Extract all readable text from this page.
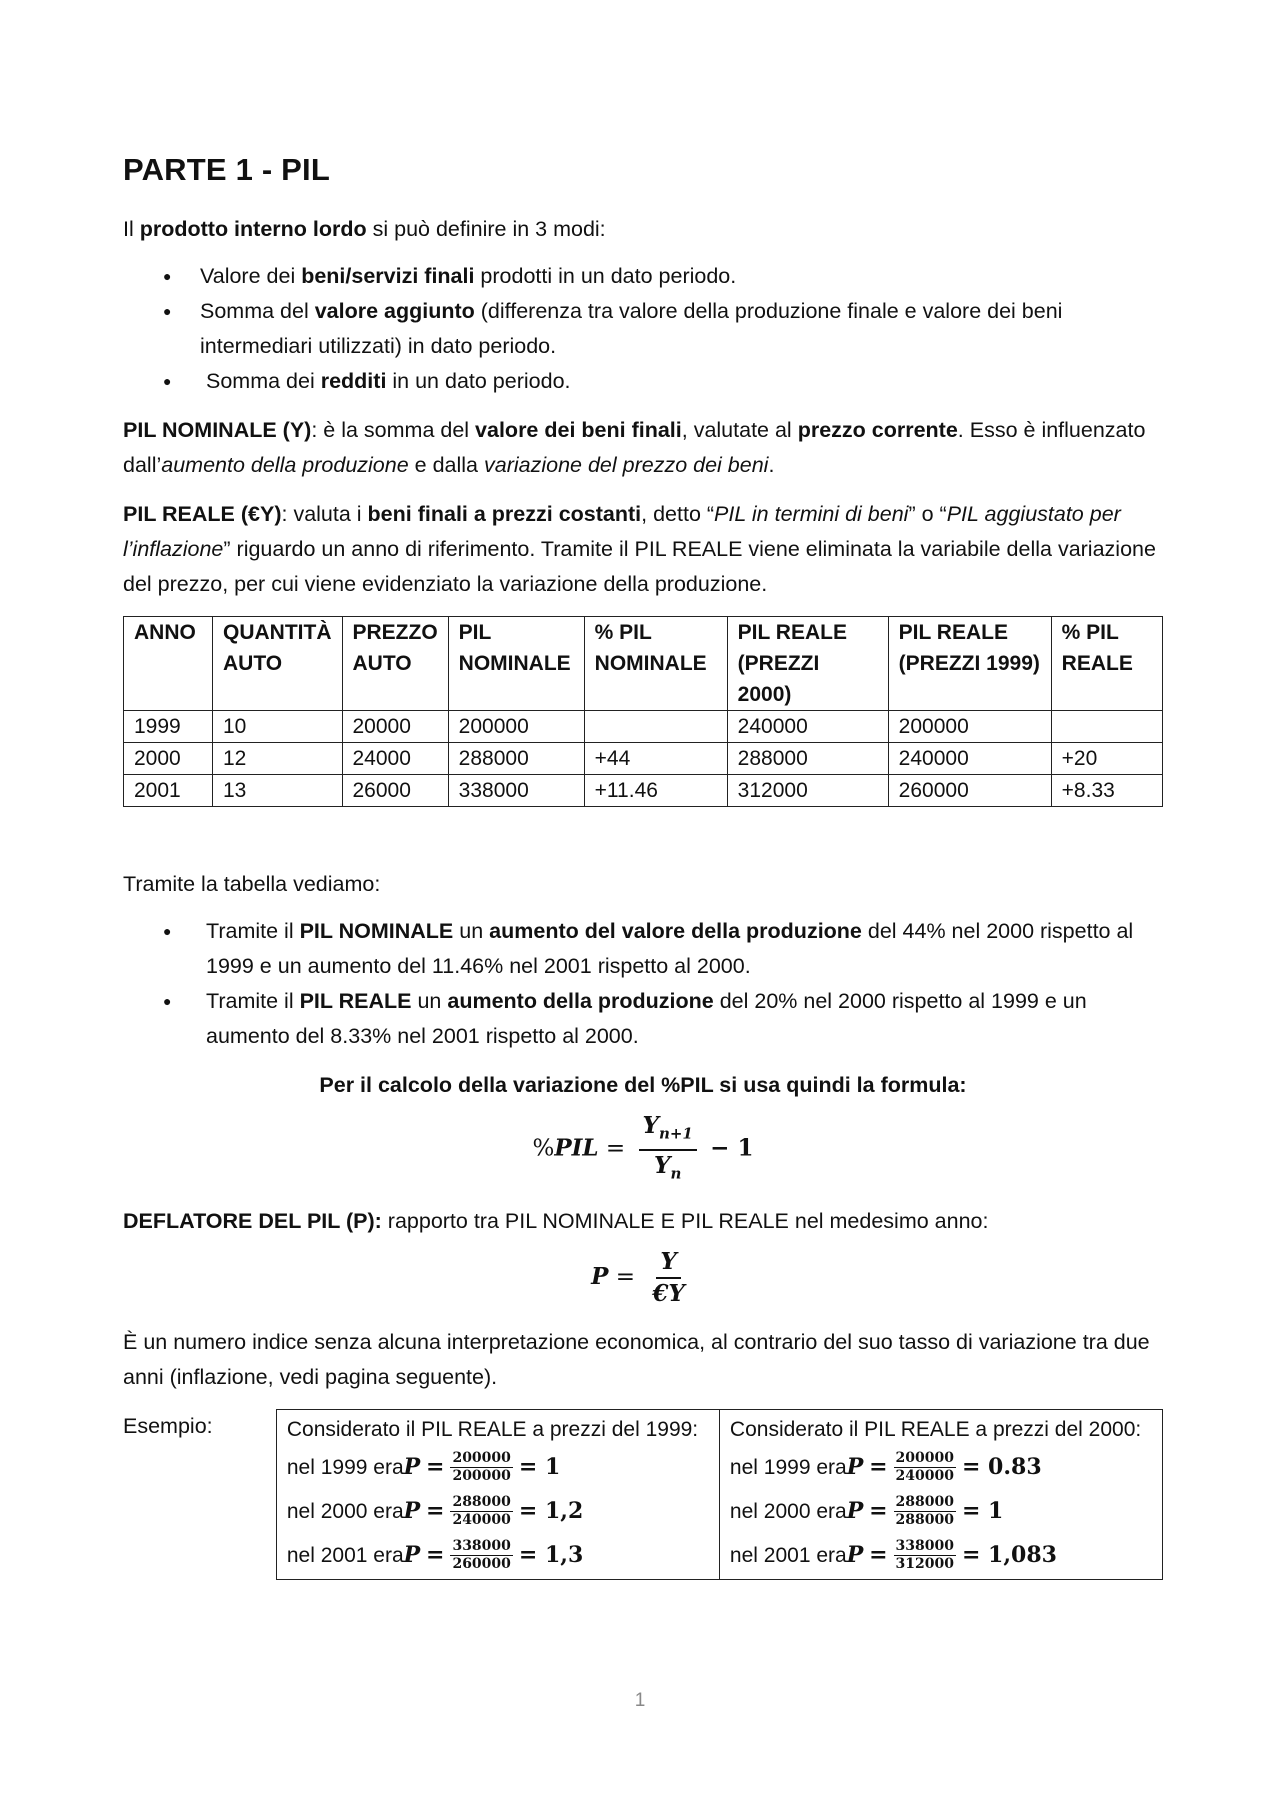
PARTE 1 - PIL

Il prodotto interno lordo si può definire in 3 modi:

● Valore dei beni/servizi finali prodotti in un dato periodo.
● Somma del valore aggiunto (differenza tra valore della produzione finale e valore dei beni intermediari utilizzati) in dato periodo.
● Somma dei redditi in un dato periodo.

PIL NOMINALE (Y): è la somma del valore dei beni finali, valutate al prezzo corrente. Esso è influenzato dall’aumento della produzione e dalla variazione del prezzo dei beni.

PIL REALE (€Y): valuta i beni finali a prezzi costanti, detto “PIL in termini di beni” o “PIL aggiustato per l’inflazione” riguardo un anno di riferimento. Tramite il PIL REALE viene eliminata la variabile della variazione del prezzo, per cui viene evidenziato la variazione della produzione.

ANNO	QUANTITÀ AUTO	PREZZO AUTO	PIL NOMINALE	% PIL NOMINALE	PIL REALE (PREZZI 2000)	PIL REALE (PREZZI 1999)	% PIL REALE
1999	10	20000	200000		240000	200000	
2000	12	24000	288000	+44	288000	240000	+20
2001	13	26000	338000	+11.46	312000	260000	+8.33

Tramite la tabella vediamo:

● Tramite il PIL NOMINALE un aumento del valore della produzione del 44% nel 2000 rispetto al 1999 e un aumento del 11.46% nel 2001 rispetto al 2000.
● Tramite il PIL REALE un aumento della produzione del 20% nel 2000 rispetto al 1999 e un aumento del 8.33% nel 2001 rispetto al 2000.

Per il calcolo della variazione del %PIL si usa quindi la formula:

$\%PIL = \frac{Y_{n+1}}{Y_n} - 1$

DEFLATORE DEL PIL (P): rapporto tra PIL NOMINALE E PIL REALE nel medesimo anno:

$P = \frac{Y}{€Y}$

È un numero indice senza alcuna interpretazione economica, al contrario del suo tasso di variazione tra due anni (inflazione, vedi pagina seguente).

Esempio:	Considerato il PIL REALE a prezzi del 1999:
nel 1999 era P
= $\frac{200000}{200000} = 1$
nel 2000 era P
= $\frac{288000}{240000} = 1,2$
nel 2001 era P
= $\frac{338000}{260000} = 1,3$

Considerato il PIL REALE a prezzi del 2000:
nel 1999 era P
= $\frac{200000}{240000} = 0.83$
nel 2000 era P
= $\frac{288000}{288000} = 1$
nel 2001 era P
= $\frac{338000}{312000} = 1,083$
1
